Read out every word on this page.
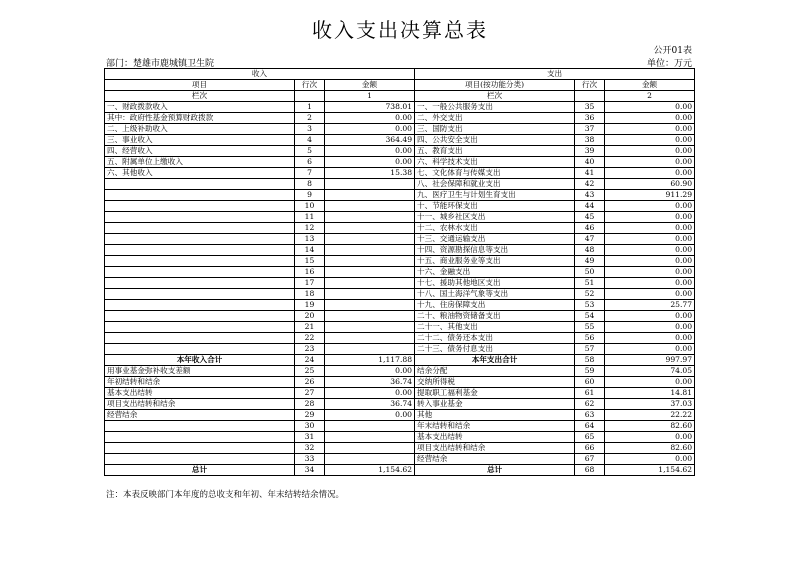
收入支出决算总表
公开01表
部门：楚雄市鹿城镇卫生院	单位：万元
收入			支出		
项目	行次	金额	项目(按功能分类)	行次	金额
栏次		1	栏次		2
一、财政拨款收入	1	738.01	一、一般公共服务支出	35	0.00
其中：政府性基金预算财政拨款	2	0.00	二、外交支出	36	0.00
二、上级补助收入	3	0.00	三、国防支出	37	0.00
三、事业收入	4	364.49	四、公共安全支出	38	0.00
四、经营收入	5	0.00	五、教育支出	39	0.00
五、附属单位上缴收入	6	0.00	六、科学技术支出	40	0.00
六、其他收入	7	15.38	七、文化体育与传媒支出	41	0.00
	8		八、社会保障和就业支出	42	60.90
	9		九、医疗卫生与计划生育支出	43	911.29
	10		十、节能环保支出	44	0.00
	11		十一、城乡社区支出	45	0.00
	12		十二、农林水支出	46	0.00
	13		十三、交通运输支出	47	0.00
	14		十四、资源勘探信息等支出	48	0.00
	15		十五、商业服务业等支出	49	0.00
	16		十六、金融支出	50	0.00
	17		十七、援助其他地区支出	51	0.00
	18		十八、国土海洋气象等支出	52	0.00
	19		十九、住房保障支出	53	25.77
	20		二十、粮油物资储备支出	54	0.00
	21		二十一、其他支出	55	0.00
	22		二十二、债务还本支出	56	0.00
	23		二十三、债务付息支出	57	0.00
本年收入合计	24	1,117.88	本年支出合计	58	997.97
用事业基金弥补收支差额	25	0.00	结余分配	59	74.05
年初结转和结余	26	36.74	交纳所得税	60	0.00
基本支出结转	27	0.00	提取职工福利基金	61	14.81
项目支出结转和结余	28	36.74	转入事业基金	62	37.03
经营结余	29	0.00	其他	63	22.22
	30		年末结转和结余	64	82.60
	31		基本支出结转	65	0.00
	32		项目支出结转和结余	66	82.60
	33		经营结余	67	0.00
总计	34	1,154.62	总计	68	1,154.62
注：本表反映部门本年度的总收支和年初、年末结转结余情况。
